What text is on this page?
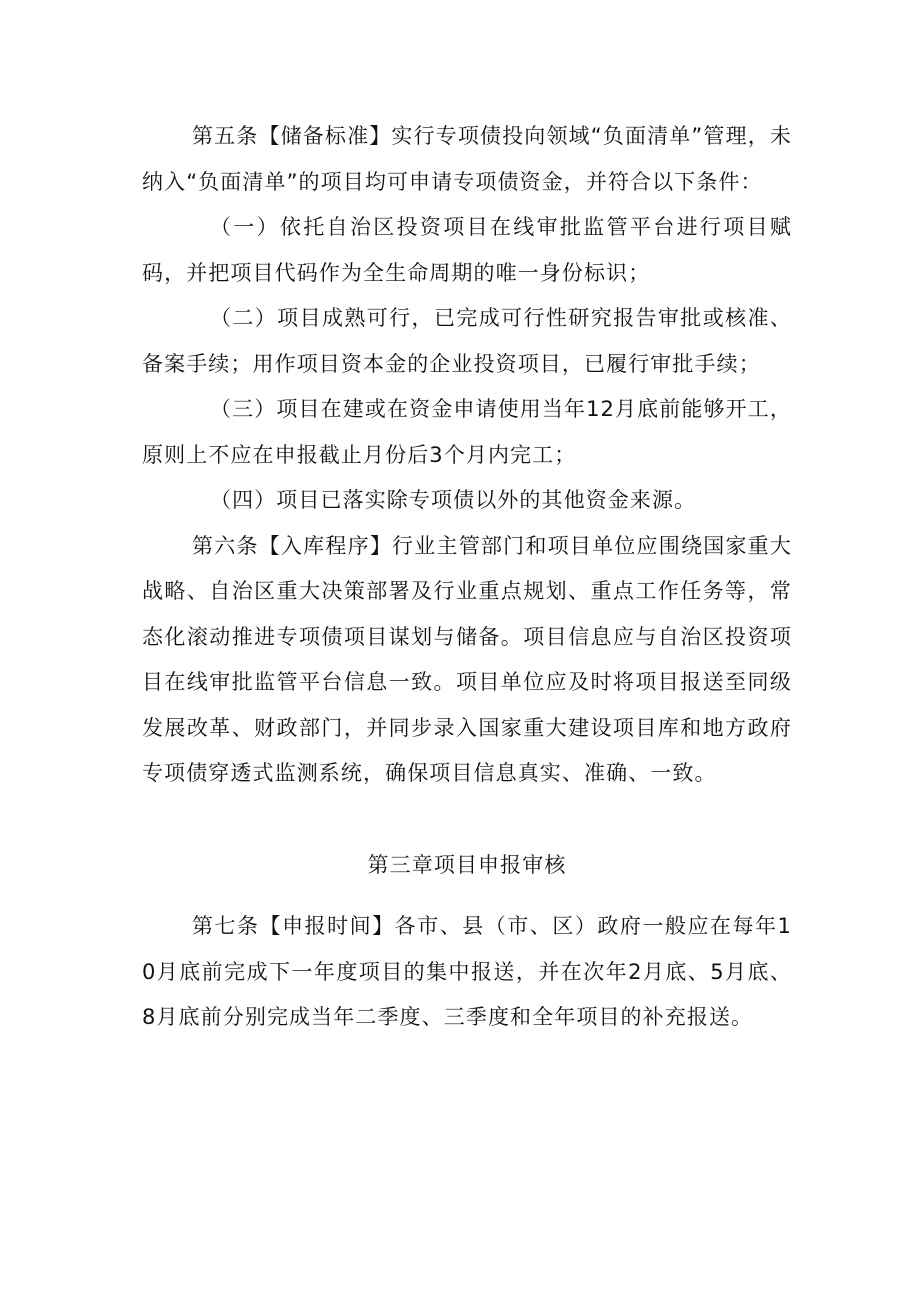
第五条【储备标准】实行专项债投向领域“负面清单”管理，未纳入“负面清单”的项目均可申请专项债资金，并符合以下条件：

（一）依托自治区投资项目在线审批监管平台进行项目赋码，并把项目代码作为全生命周期的唯一身份标识；

（二）项目成熟可行，已完成可行性研究报告审批或核准、备案手续；用作项目资本金的企业投资项目，已履行审批手续；

（三）项目在建或在资金申请使用当年12月底前能够开工，原则上不应在申报截止月份后3个月内完工；

（四）项目已落实除专项债以外的其他资金来源。

第六条【入库程序】行业主管部门和项目单位应围绕国家重大战略、自治区重大决策部署及行业重点规划、重点工作任务等，常态化滚动推进专项债项目谋划与储备。项目信息应与自治区投资项目在线审批监管平台信息一致。项目单位应及时将项目报送至同级发展改革、财政部门，并同步录入国家重大建设项目库和地方政府专项债穿透式监测系统，确保项目信息真实、准确、一致。

第三章项目申报审核

第七条【申报时间】各市、县（市、区）政府一般应在每年10月底前完成下一年度项目的集中报送，并在次年2月底、5月底、8月底前分别完成当年二季度、三季度和全年项目的补充报送。
